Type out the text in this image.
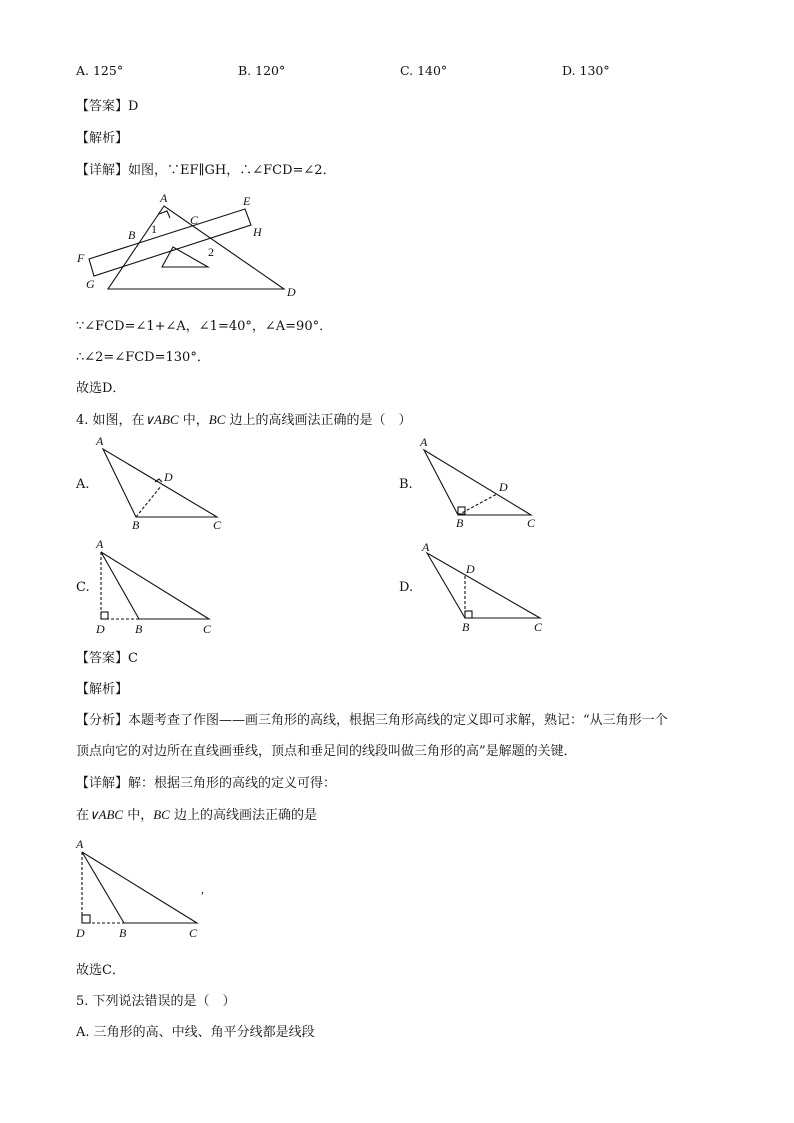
A. 125°	B. 120°	C. 140°	D. 130°
【答案】D
【解析】
【详解】如图，∵EF∥GH，∴∠FCD=∠2．
A	E
C
B 1	H
2
F
G
D
∵∠FCD=∠1+∠A，∠1=40°，∠A=90°．
∴∠2=∠FCD=130°．
故选D．
4. 如图，在∨ABC 中，BC 边上的高线画法正确的是（　）
A.	B.
C.	D.
A
D
B	C
A
D
B	C
A
D	B	C
A
D
B	C
【答案】C
【解析】
【分析】本题考查了作图——画三角形的高线，根据三角形高线的定义即可求解，熟记：“从三角形一个
顶点向它的对边所在直线画垂线，顶点和垂足间的线段叫做三角形的高”是解题的关键．
【详解】解：根据三角形的高线的定义可得：
在∨ABC 中，BC 边上的高线画法正确的是
A
D	B	C
,
故选C．
5. 下列说法错误的是（　）
A. 三角形的高、中线、角平分线都是线段
